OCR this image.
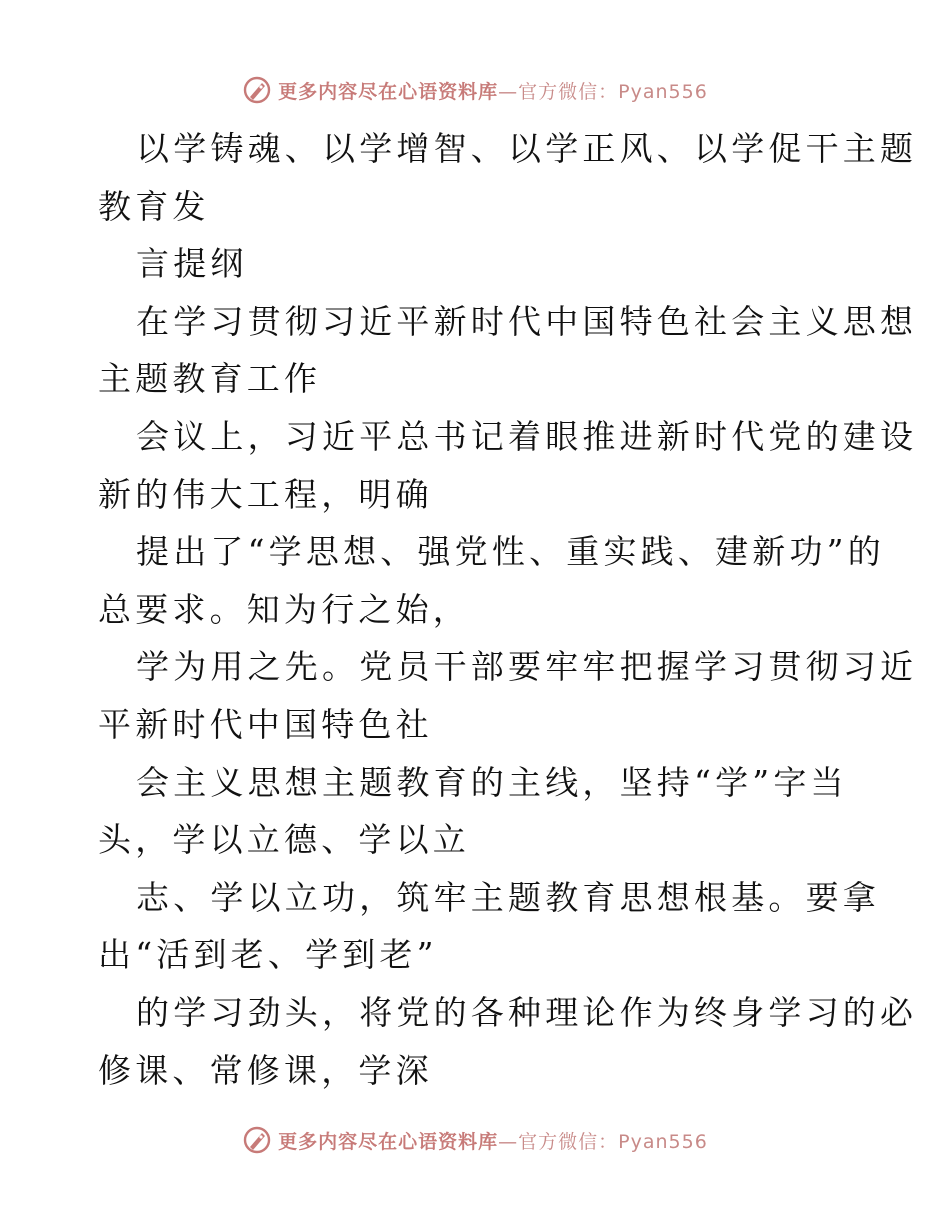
更多内容尽在心语资料库—官方微信：Pyan556
以学铸魂、以学增智、以学正风、以学促干主题
教育发
言提纲
在学习贯彻习近平新时代中国特色社会主义思想
主题教育工作
会议上，习近平总书记着眼推进新时代党的建设
新的伟大工程，明确
提出了“学思想、强党性、重实践、建新功”的
总要求。知为行之始，
学为用之先。党员干部要牢牢把握学习贯彻习近
平新时代中国特色社
会主义思想主题教育的主线，坚持“学”字当
头，学以立德、学以立
志、学以立功，筑牢主题教育思想根基。要拿
出“活到老、学到老”
的学习劲头，将党的各种理论作为终身学习的必
修课、常修课，学深
更多内容尽在心语资料库—官方微信：Pyan556
